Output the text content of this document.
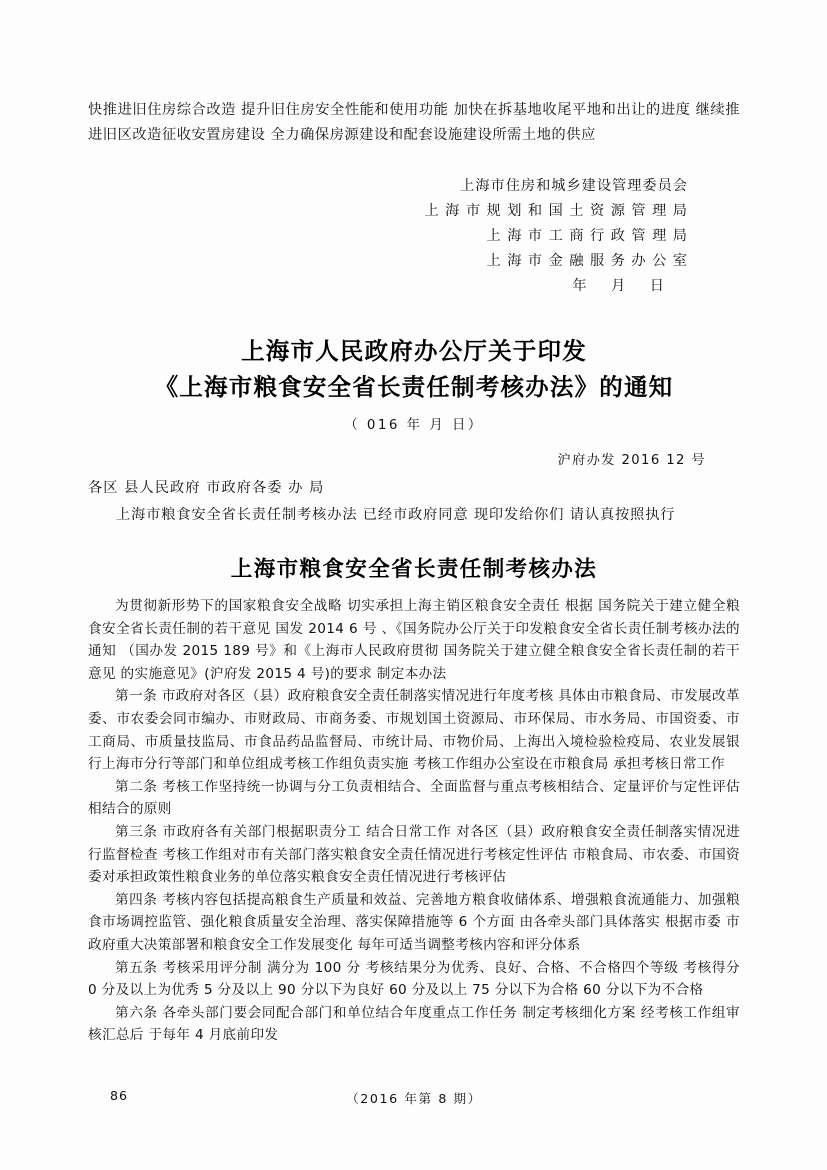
快推进旧住房综合改造 提升旧住房安全性能和使用功能 加快在拆基地收尾平地和出让的进度 继续推进旧区改造征收安置房建设 全力确保房源建设和配套设施建设所需土地的供应
上海市住房和城乡建设管理委员会
上 海 市 规 划 和 国 土 资 源 管 理 局
上 海 市 工 商 行 政 管 理 局
上 海 市 金 融 服 务 办 公 室
年 月 日
上海市人民政府办公厅关于印发
《上海市粮食安全省长责任制考核办法》的通知
（ 016 年 月 日）
沪府办发 2016 12 号
各区 县人民政府 市政府各委 办 局
上海市粮食安全省长责任制考核办法 已经市政府同意 现印发给你们 请认真按照执行
上海市粮食安全省长责任制考核办法
为贯彻新形势下的国家粮食安全战略 切实承担上海主销区粮食安全责任 根据 国务院关于建立健全粮食安全省长责任制的若干意见 国发 2014 6 号 、《国务院办公厅关于印发粮食安全省长责任制考核办法的通知 （国办发 2015 189 号》和《上海市人民政府贯彻 国务院关于建立健全粮食安全省长责任制的若干意见 的实施意见》(沪府发 2015 4 号)的要求 制定本办法
第一条 市政府对各区（县）政府粮食安全责任制落实情况进行年度考核 具体由市粮食局、市发展改革委、市农委会同市编办、市财政局、市商务委、市规划国土资源局、市环保局、市水务局、市国资委、市工商局、市质量技监局、市食品药品监督局、市统计局、市物价局、上海出入境检验检疫局、农业发展银行上海市分行等部门和单位组成考核工作组负责实施 考核工作组办公室设在市粮食局 承担考核日常工作
第二条 考核工作坚持统一协调与分工负责相结合、全面监督与重点考核相结合、定量评价与定性评估相结合的原则
第三条 市政府各有关部门根据职责分工 结合日常工作 对各区（县）政府粮食安全责任制落实情况进行监督检查 考核工作组对市有关部门落实粮食安全责任情况进行考核定性评估 市粮食局、市农委、市国资委对承担政策性粮食业务的单位落实粮食安全责任情况进行考核评估
第四条 考核内容包括提高粮食生产质量和效益、完善地方粮食收储体系、增强粮食流通能力、加强粮食市场调控监管、强化粮食质量安全治理、落实保障措施等 6 个方面 由各牵头部门具体落实 根据市委 市政府重大决策部署和粮食安全工作发展变化 每年可适当调整考核内容和评分体系
第五条 考核采用评分制 满分为 100 分 考核结果分为优秀、良好、合格、不合格四个等级 考核得分 0 分及以上为优秀 5 分及以上 90 分以下为良好 60 分及以上 75 分以下为合格 60 分以下为不合格
第六条 各牵头部门要会同配合部门和单位结合年度重点工作任务 制定考核细化方案 经考核工作组审核汇总后 于每年 4 月底前印发
86	（2016 年第 8 期）
